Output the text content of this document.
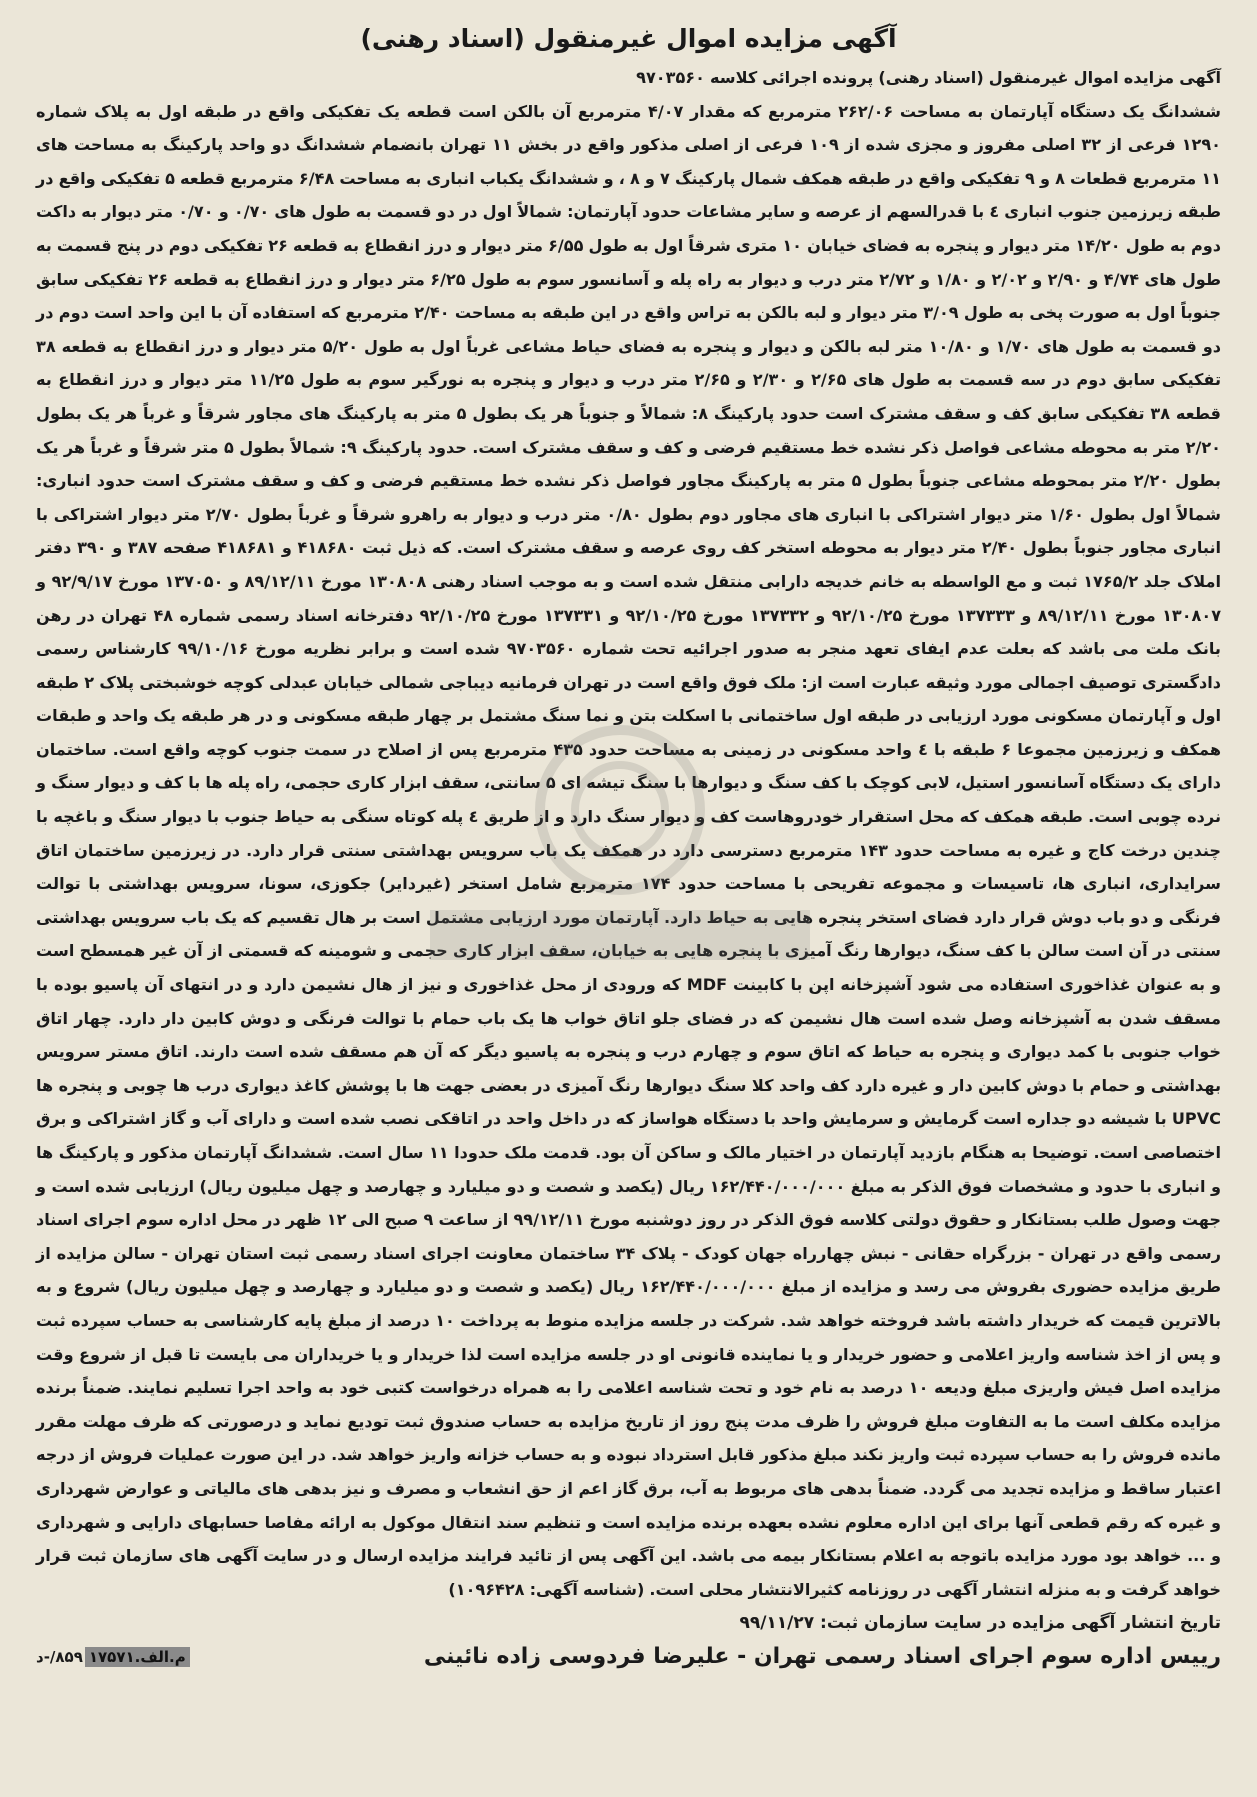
آگهی مزایده اموال غیرمنقول (اسناد رهنی)

آگهی مزایده اموال غیرمنقول (اسناد رهنی) پرونده اجرائی کلاسه ۹۷۰۳۵۶۰

ششدانگ یک دستگاه آپارتمان به مساحت ۲۶۲/۰۶ مترمربع که مقدار ۴/۰۷ مترمربع آن بالکن است قطعه یک تفکیکی واقع در طبقه اول به پلاک شماره ۱۲۹۰ فرعی از ۳۲ اصلی مفروز و مجزی شده از ۱۰۹ فرعی از اصلی مذکور واقع در بخش ۱۱ تهران بانضمام ششدانگ دو واحد پارکینگ به مساحت های ۱۱ مترمربع قطعات ۸ و ۹ تفکیکی واقع در طبقه همکف شمال پارکینگ ۷ و ۸ ، و ششدانگ یکباب انباری به مساحت ۶/۴۸ مترمربع قطعه ۵ تفکیکی واقع در طبقه زیرزمین جنوب انباری ٤ با قدرالسهم از عرصه و سایر مشاعات حدود آپارتمان: شمالاً اول در دو قسمت به طول های ۰/۷۰ و ۰/۷۰ متر دیوار به داکت دوم به طول ۱۴/۲۰ متر دیوار و پنجره به فضای خیابان ۱۰ متری شرقاً اول به طول ۶/۵۵ متر دیوار و درز انقطاع به قطعه ۲۶ تفکیکی دوم در پنج قسمت به طول های ۴/۷۴ و ۲/۹۰ و ۲/۰۲ و ۱/۸۰ و ۲/۷۲ متر درب و دیوار به راه پله و آسانسور سوم به طول ۶/۲۵ متر دیوار و درز انقطاع به قطعه ۲۶ تفکیکی سابق جنوباً اول به صورت پخی به طول ۳/۰۹ متر دیوار و لبه بالکن به تراس واقع در این طبقه به مساحت ۲/۴۰ مترمربع که استفاده آن با این واحد است دوم در دو قسمت به طول های ۱/۷۰ و ۱۰/۸۰ متر لبه بالکن و دیوار و پنجره به فضای حیاط مشاعی غرباً اول به طول ۵/۲۰ متر دیوار و درز انقطاع به قطعه ۳۸ تفکیکی سابق دوم در سه قسمت به طول های ۲/۶۵ و ۲/۳۰ و ۲/۶۵ متر درب و دیوار و پنجره به نورگیر سوم به طول ۱۱/۲۵ متر دیوار و درز انقطاع به قطعه ۳۸ تفکیکی سابق کف و سقف مشترک است حدود پارکینگ ۸: شمالاً و جنوباً هر یک بطول ۵ متر به پارکینگ های مجاور شرقاً و غرباً هر یک بطول ۲/۲۰ متر به محوطه مشاعی فواصل ذکر نشده خط مستقیم فرضی و کف و سقف مشترک است. حدود پارکینگ ۹: شمالاً بطول ۵ متر شرقاً و غرباً هر یک بطول ۲/۲۰ متر بمحوطه مشاعی جنوباً بطول ۵ متر به پارکینگ مجاور فواصل ذکر نشده خط مستقیم فرضی و کف و سقف مشترک است حدود انباری: شمالاً اول بطول ۱/۶۰ متر دیوار اشتراکی با انباری های مجاور دوم بطول ۰/۸۰ متر درب و دیوار به راهرو شرقاً و غرباً بطول ۲/۷۰ متر دیوار اشتراکی با انباری مجاور جنوباً بطول ۲/۴۰ متر دیوار به محوطه استخر کف روی عرصه و سقف مشترک است. که ذیل ثبت ۴۱۸۶۸۰ و ۴۱۸۶۸۱ صفحه ۳۸۷ و ۳۹۰ دفتر املاک جلد ۱۷۶۵/۲ ثبت و مع الواسطه به خانم خدیجه دارابی منتقل شده است و به موجب اسناد رهنی ۱۳۰۸۰۸ مورخ ۸۹/۱۲/۱۱ و ۱۳۷۰۵۰ مورخ ۹۲/۹/۱۷ و ۱۳۰۸۰۷ مورخ ۸۹/۱۲/۱۱ و ۱۳۷۳۳۳ مورخ ۹۲/۱۰/۲۵ و ۱۳۷۳۳۲ مورخ ۹۲/۱۰/۲۵ و ۱۳۷۳۳۱ مورخ ۹۲/۱۰/۲۵ دفترخانه اسناد رسمی شماره ۴۸ تهران در رهن بانک ملت می باشد که بعلت عدم ایفای تعهد منجر به صدور اجرائیه تحت شماره ۹۷۰۳۵۶۰ شده است و برابر نظریه مورخ ۹۹/۱۰/۱۶ کارشناس رسمی دادگستری توصیف اجمالی مورد وثیقه عبارت است از: ملک فوق واقع است در تهران فرمانیه دیباجی شمالی خیابان عبدلی کوچه خوشبختی پلاک ۲ طبقه اول و آپارتمان مسکونی مورد ارزیابی در طبقه اول ساختمانی با اسکلت بتن و نما سنگ مشتمل بر چهار طبقه مسکونی و در هر طبقه یک واحد و طبقات همکف و زیرزمین مجموعا ۶ طبقه با ٤ واحد مسکونی در زمینی به مساحت حدود ۴۳۵ مترمربع پس از اصلاح در سمت جنوب کوچه واقع است. ساختمان دارای یک دستگاه آسانسور استیل، لابی کوچک با کف سنگ و دیوارها با سنگ تیشه ای ۵ سانتی، سقف ابزار کاری حجمی، راه پله ها با کف و دیوار سنگ و نرده چوبی است. طبقه همکف که محل استقرار خودروهاست کف و دیوار سنگ دارد و از طریق ٤ پله کوتاه سنگی به حیاط جنوب با دیوار سنگ و باغچه با چندین درخت کاج و غیره به مساحت حدود ۱۴۳ مترمربع دسترسی دارد در همکف یک باب سرویس بهداشتی سنتی قرار دارد. در زیرزمین ساختمان اتاق سرایداری، انباری ها، تاسیسات و مجموعه تفریحی با مساحت حدود ۱۷۴ مترمربع شامل استخر (غیردایر) جکوزی، سونا، سرویس بهداشتی با توالت فرنگی و دو باب دوش قرار دارد فضای استخر پنجره هایی به حیاط دارد. آپارتمان مورد ارزیابی مشتمل است بر هال تقسیم که یک باب سرویس بهداشتی سنتی در آن است سالن با کف سنگ، دیوارها رنگ آمیزی با پنجره هایی به خیابان، سقف ابزار کاری حجمی و شومینه که قسمتی از آن غیر همسطح است و به عنوان غذاخوری استفاده می شود آشپزخانه اپن با کابینت MDF که ورودی از محل غذاخوری و نیز از هال نشیمن دارد و در انتهای آن پاسیو بوده با مسقف شدن به آشپزخانه وصل شده است هال نشیمن که در فضای جلو اتاق خواب ها یک باب حمام با توالت فرنگی و دوش کابین دار دارد. چهار اتاق خواب جنوبی با کمد دیواری و پنجره به حیاط که اتاق سوم و چهارم درب و پنجره به پاسیو دیگر که آن هم مسقف شده است دارند. اتاق مستر سرویس بهداشتی و حمام با دوش کابین دار و غیره دارد کف واحد کلا سنگ دیوارها رنگ آمیزی در بعضی جهت ها با پوشش کاغذ دیواری درب ها چوبی و پنجره ها UPVC با شیشه دو جداره است گرمایش و سرمایش واحد با دستگاه هواساز که در داخل واحد در اتاقکی نصب شده است و دارای آب و گاز اشتراکی و برق اختصاصی است. توضیحا به هنگام بازدید آپارتمان در اختیار مالک و ساکن آن بود. قدمت ملک حدودا ۱۱ سال است. ششدانگ آپارتمان مذکور و پارکینگ ها و انباری با حدود و مشخصات فوق الذکر به مبلغ ۱۶۲/۴۴۰/۰۰۰/۰۰۰ ریال (یکصد و شصت و دو میلیارد و چهارصد و چهل میلیون ریال) ارزیابی شده است و جهت وصول طلب بستانکار و حقوق دولتی کلاسه فوق الذکر در روز دوشنبه مورخ ۹۹/۱۲/۱۱ از ساعت ۹ صبح الی ۱۲ ظهر در محل اداره سوم اجرای اسناد رسمی واقع در تهران - بزرگراه حقانی - نبش چهارراه جهان کودک - پلاک ۳۴ ساختمان معاونت اجرای اسناد رسمی ثبت استان تهران - سالن مزایده از طریق مزایده حضوری بفروش می رسد و مزایده از مبلغ ۱۶۲/۴۴۰/۰۰۰/۰۰۰ ریال (یکصد و شصت و دو میلیارد و چهارصد و چهل میلیون ریال) شروع و به بالاترین قیمت که خریدار داشته باشد فروخته خواهد شد. شرکت در جلسه مزایده منوط به پرداخت ۱۰ درصد از مبلغ پایه کارشناسی به حساب سپرده ثبت و پس از اخذ شناسه واریز اعلامی و حضور خریدار و یا نماینده قانونی او در جلسه مزایده است لذا خریدار و یا خریداران می بایست تا قبل از شروع وقت مزایده اصل فیش واریزی مبلغ ودیعه ۱۰ درصد به نام خود و تحت شناسه اعلامی را به همراه درخواست کتبی خود به واحد اجرا تسلیم نمایند. ضمناً برنده مزایده مکلف است ما به التفاوت مبلغ فروش را ظرف مدت پنج روز از تاریخ مزایده به حساب صندوق ثبت تودیع نماید و درصورتی که ظرف مهلت مقرر مانده فروش را به حساب سپرده ثبت واریز نکند مبلغ مذکور قابل استرداد نبوده و به حساب خزانه واریز خواهد شد. در این صورت عملیات فروش از درجه اعتبار ساقط و مزایده تجدید می گردد. ضمناً بدهی های مربوط به آب، برق گاز اعم از حق انشعاب و مصرف و نیز بدهی های مالیاتی و عوارض شهرداری و غیره که رقم قطعی آنها برای این اداره معلوم نشده بعهده برنده مزایده است و تنظیم سند انتقال موکول به ارائه مفاصا حسابهای دارایی و شهرداری و ... خواهد بود مورد مزایده باتوجه به اعلام بستانکار بیمه می باشد. این آگهی پس از تائید فرایند مزایده ارسال و در سایت آگهی های سازمان ثبت قرار خواهد گرفت و به منزله انتشار آگهی در روزنامه کثیرالانتشار محلی است. (شناسه آگهی: ۱۰۹۶۴۲۸)

تاریخ انتشار آگهی مزایده در سایت سازمان ثبت: ۹۹/۱۱/۲۷
رییس اداره سوم اجرای اسناد رسمی تهران - علیرضا فردوسی زاده نائینی
م.الف.۱۷۵۷۱
۸۵۹/-د
